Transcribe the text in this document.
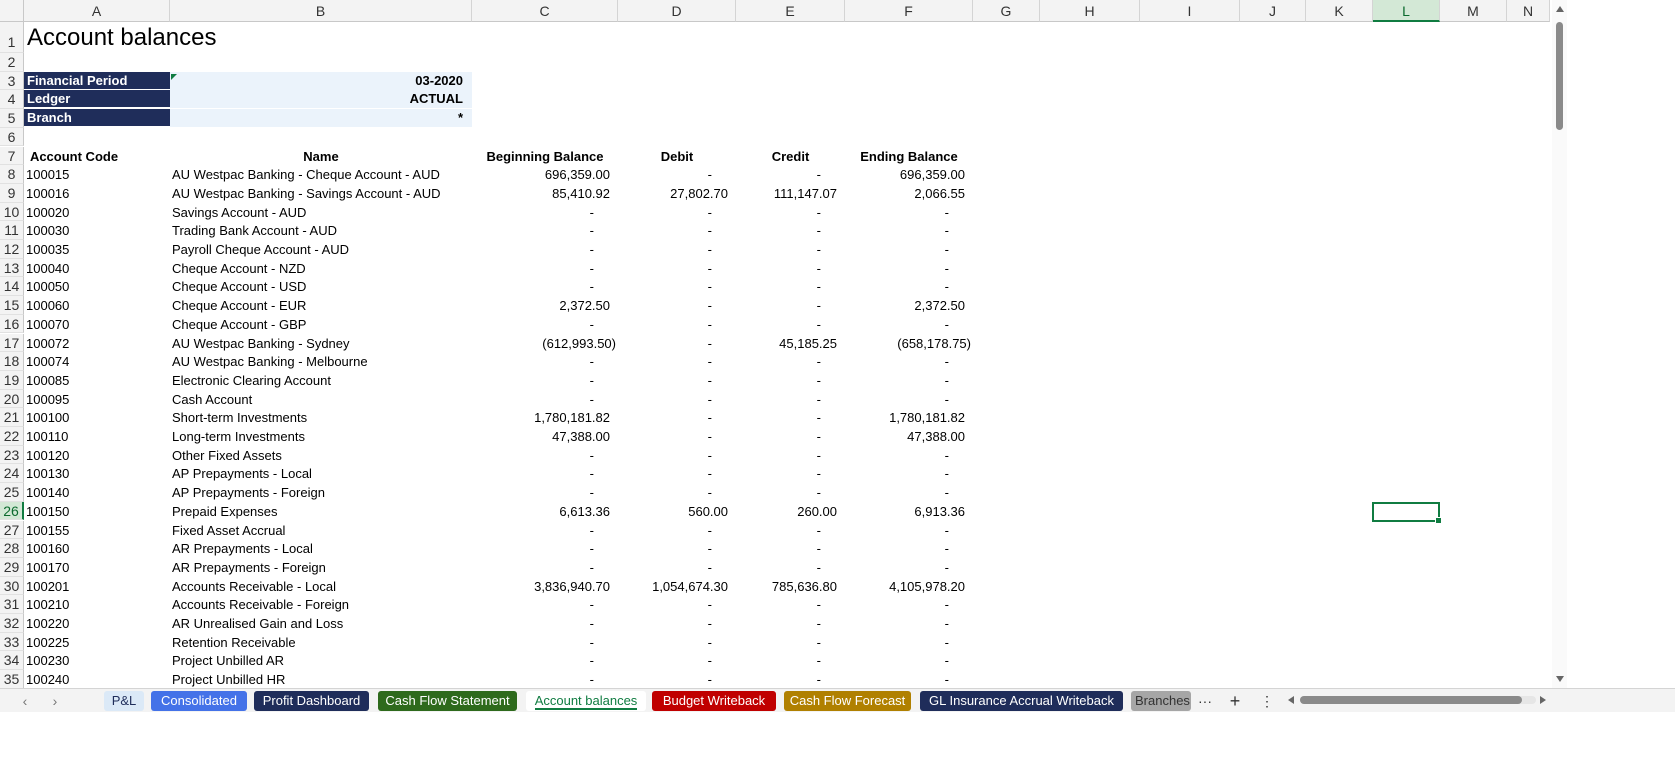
A	B	C	D	E	F	G	H	I	J	K	L	M	N
1
2
3
4
5
6
7
8
9
10
11
12
13
14
15
16
17
18
19
20
21
22
23
24
25
26
27
28
29
30
31
32
33
34
35
Account balances
Financial Period	03-2020
Ledger	ACTUAL
Branch	*
Account Code	Name	Beginning Balance	Debit	Credit	Ending Balance
100015	AU Westpac Banking - Cheque Account - AUD	696,359.00	-	-	696,359.00
100016	AU Westpac Banking - Savings Account - AUD	85,410.92	27,802.70	111,147.07	2,066.55
100020	Savings Account - AUD	-	-	-	-
100030	Trading Bank Account - AUD	-	-	-	-
100035	Payroll Cheque Account - AUD	-	-	-	-
100040	Cheque Account - NZD	-	-	-	-
100050	Cheque Account - USD	-	-	-	-
100060	Cheque Account - EUR	2,372.50	-	-	2,372.50
100070	Cheque Account - GBP	-	-	-	-
100072	AU Westpac Banking - Sydney	(612,993.50)	-	45,185.25	(658,178.75)
100074	AU Westpac Banking - Melbourne	-	-	-	-
100085	Electronic Clearing Account	-	-	-	-
100095	Cash Account	-	-	-	-
100100	Short-term Investments	1,780,181.82	-	-	1,780,181.82
100110	Long-term Investments	47,388.00	-	-	47,388.00
100120	Other Fixed Assets	-	-	-	-
100130	AP Prepayments - Local	-	-	-	-
100140	AP Prepayments - Foreign	-	-	-	-
100150	Prepaid Expenses	6,613.36	560.00	260.00	6,913.36
100155	Fixed Asset Accrual	-	-	-	-
100160	AR Prepayments - Local	-	-	-	-
100170	AR Prepayments - Foreign	-	-	-	-
100201	Accounts Receivable - Local	3,836,940.70	1,054,674.30	785,636.80	4,105,978.20
100210	Accounts Receivable - Foreign	-	-	-	-
100220	AR Unrealised Gain and Loss	-	-	-	-
100225	Retention Receivable	-	-	-	-
100230	Project Unbilled AR	-	-	-	-
100240	Project Unbilled HR	-	-	-	-
‹	›	P&L	Consolidated	Profit Dashboard	Cash Flow Statement	Account balances	Budget Writeback	Cash Flow Forecast	GL Insurance Accrual Writeback	Branches ··· +	⋮
